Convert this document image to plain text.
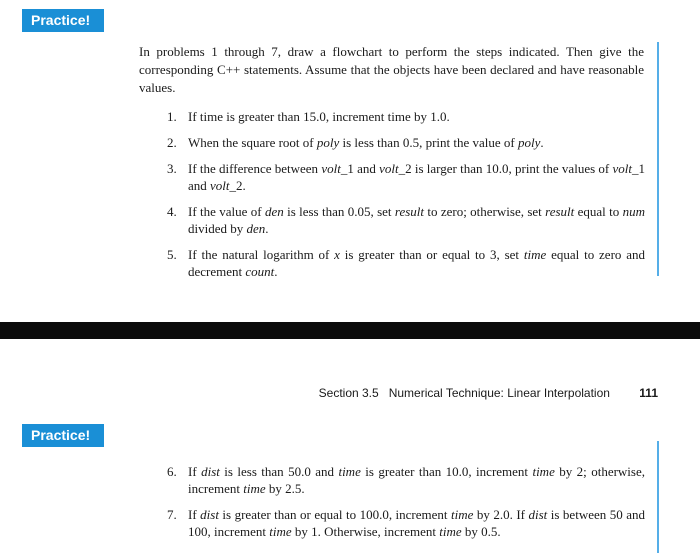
Practice!

In problems 1 through 7, draw a flowchart to perform the steps indicated. Then give the corresponding C++ statements. Assume that the objects have been declared and have reasonable values.

1. If time is greater than 15.0, increment time by 1.0.
2. When the square root of poly is less than 0.5, print the value of poly.
3. If the difference between volt_1 and volt_2 is larger than 10.0, print the values of volt_1 and volt_2.
4. If the value of den is less than 0.05, set result to zero; otherwise, set result equal to num divided by den.
5. If the natural logarithm of x is greater than or equal to 3, set time equal to zero and decrement count.
Section 3.5 Numerical Technique: Linear Interpolation 111
Practice!
6. If dist is less than 50.0 and time is greater than 10.0, increment time by 2; otherwise, increment time by 2.5.
7. If dist is greater than or equal to 100.0, increment time by 2.0. If dist is between 50 and 100, increment time by 1. Otherwise, increment time by 0.5.
